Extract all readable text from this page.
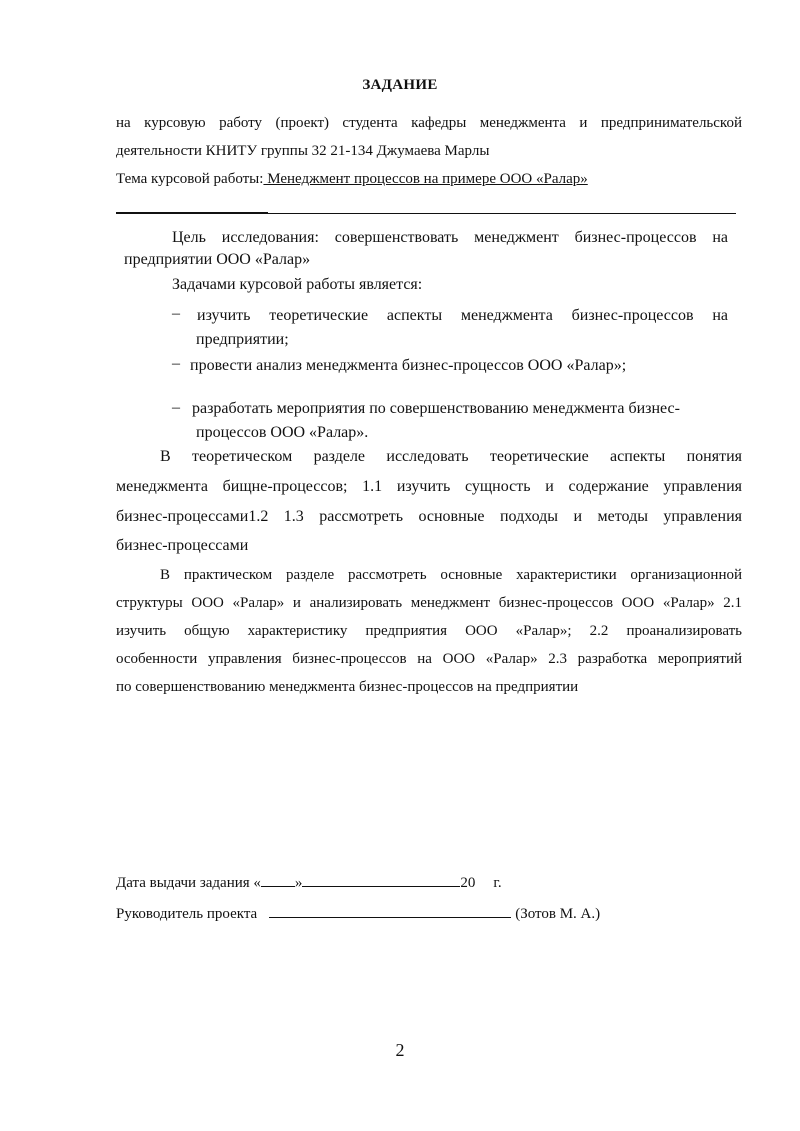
ЗАДАНИЕ
на курсовую работу (проект) студента кафедры менеджмента и предпринимательской
деятельности КНИТУ группы 32 21-134 Джумаева Марлы
Тема курсовой работы: Менеджмент процессов на примере ООО «Ралар»
Цель исследования: совершенствовать менеджмент бизнес-процессов на
предприятии ООО «Ралар»
Задачами курсовой работы является:
– изучить теоретические аспекты менеджмента бизнес-процессов на
предприятии;
– провести анализ менеджмента бизнес-процессов ООО «Ралар»;
– разработать мероприятия по совершенствованию менеджмента бизнес-
процессов ООО «Ралар».
В теоретическом разделе исследовать теоретические аспекты понятия
менеджмента бищне-процессов; 1.1 изучить сущность и содержание управления
бизнес-процессами1.2 1.3 рассмотреть основные подходы и методы управления
бизнес-процессами
В практическом разделе рассмотреть основные характеристики организационной
структуры ООО «Ралар» и анализировать менеджмент бизнес-процессов ООО «Ралар» 2.1
изучить общую характеристику предприятия ООО «Ралар»; 2.2 проанализировать
особенности управления бизнес-процессов на ООО «Ралар» 2.3 разработка мероприятий
по совершенствованию менеджмента бизнес-процессов на предприятии
Дата выдачи задания « »	20 г.
Руководитель проекта	(Зотов М. А.)
2
